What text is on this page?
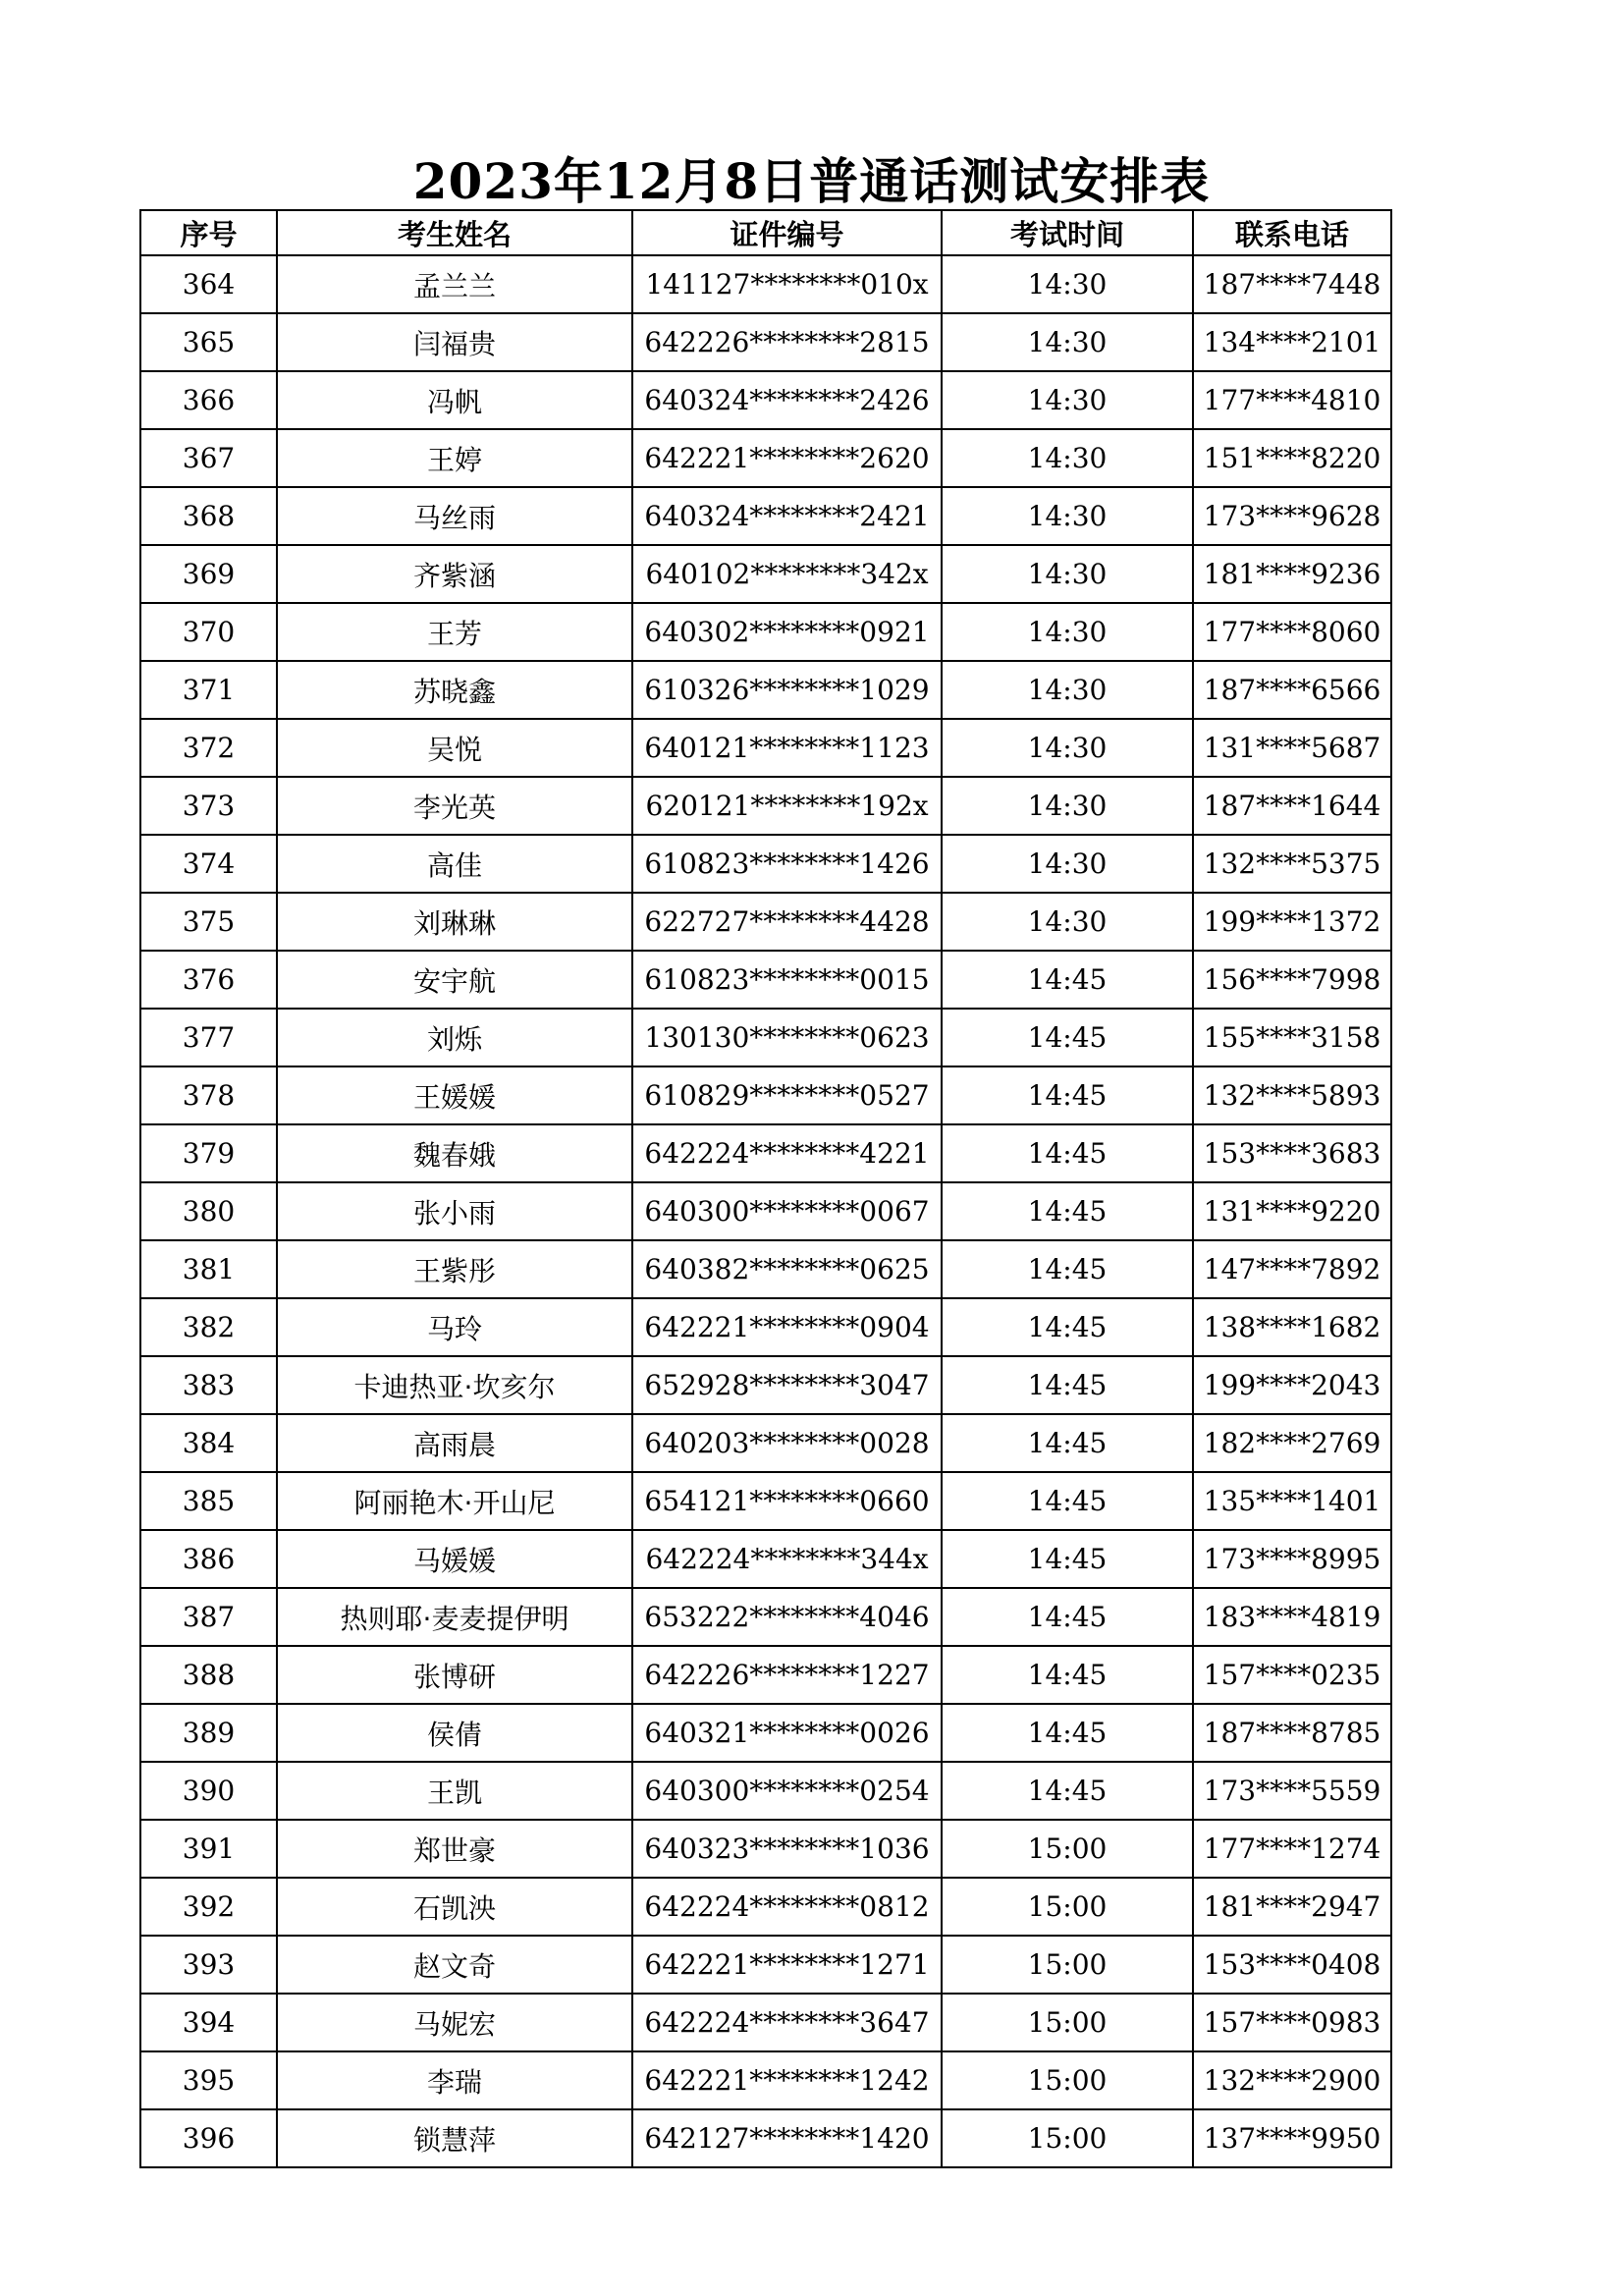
2023年12月8日普通话测试安排表
序号	考生姓名	证件编号	考试时间	联系电话
364	孟兰兰	141127********010x	14:30	187****7448
365	闫福贵	642226********2815	14:30	134****2101
366	冯帆	640324********2426	14:30	177****4810
367	王婷	642221********2620	14:30	151****8220
368	马丝雨	640324********2421	14:30	173****9628
369	齐紫涵	640102********342x	14:30	181****9236
370	王芳	640302********0921	14:30	177****8060
371	苏晓鑫	610326********1029	14:30	187****6566
372	吴悦	640121********1123	14:30	131****5687
373	李光英	620121********192x	14:30	187****1644
374	高佳	610823********1426	14:30	132****5375
375	刘琳琳	622727********4428	14:30	199****1372
376	安宇航	610823********0015	14:45	156****7998
377	刘烁	130130********0623	14:45	155****3158
378	王媛媛	610829********0527	14:45	132****5893
379	魏春娥	642224********4221	14:45	153****3683
380	张小雨	640300********0067	14:45	131****9220
381	王紫彤	640382********0625	14:45	147****7892
382	马玲	642221********0904	14:45	138****1682
383	卡迪热亚·坎亥尔	652928********3047	14:45	199****2043
384	高雨晨	640203********0028	14:45	182****2769
385	阿丽艳木·开山尼	654121********0660	14:45	135****1401
386	马媛媛	642224********344x	14:45	173****8995
387	热则耶·麦麦提伊明	653222********4046	14:45	183****4819
388	张博研	642226********1227	14:45	157****0235
389	侯倩	640321********0026	14:45	187****8785
390	王凯	640300********0254	14:45	173****5559
391	郑世豪	640323********1036	15:00	177****1274
392	石凯泱	642224********0812	15:00	181****2947
393	赵文奇	642221********1271	15:00	153****0408
394	马妮宏	642224********3647	15:00	157****0983
395	李瑞	642221********1242	15:00	132****2900
396	锁慧萍	642127********1420	15:00	137****9950
